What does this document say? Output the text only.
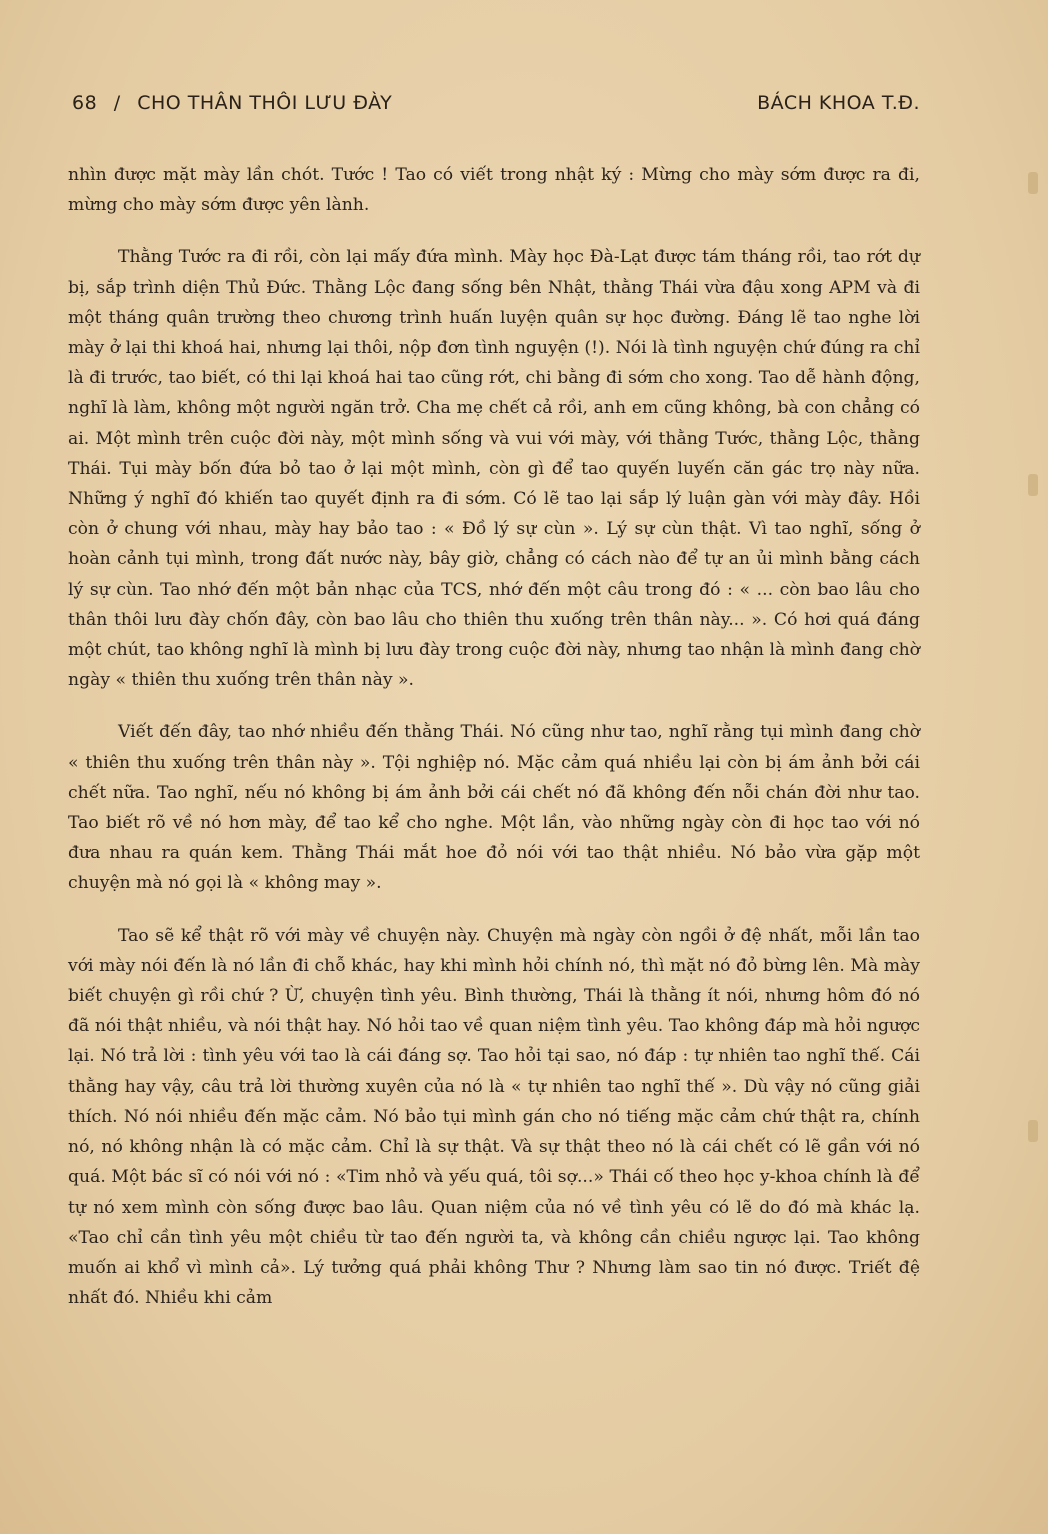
68 / CHO THÂN THÔI LƯU ĐÀY	BÁCH KHOA T.Đ.

nhìn được mặt mày lần chót. Tước ! Tao có viết trong nhật ký : Mừng cho mày sớm được ra đi, mừng cho mày sớm được yên lành.

Thằng Tước ra đi rồi, còn lại mấy đứa mình. Mày học Đà-Lạt được tám tháng rồi, tao rớt dự bị, sắp trình diện Thủ Đức. Thằng Lộc đang sống bên Nhật, thằng Thái vừa đậu xong APM và đi một tháng quân trường theo chương trình huấn luyện quân sự học đường. Đáng lẽ tao nghe lời mày ở lại thi khoá hai, nhưng lại thôi, nộp đơn tình nguyện (!). Nói là tình nguyện chứ đúng ra chỉ là đi trước, tao biết, có thi lại khoá hai tao cũng rớt, chi bằng đi sớm cho xong. Tao dễ hành động, nghĩ là làm, không một người ngăn trở. Cha mẹ chết cả rồi, anh em cũng không, bà con chẳng có ai. Một mình trên cuộc đời này, một mình sống và vui với mày, với thằng Tước, thằng Lộc, thằng Thái. Tụi mày bốn đứa bỏ tao ở lại một mình, còn gì để tao quyến luyến căn gác trọ này nữa. Những ý nghĩ đó khiến tao quyết định ra đi sớm. Có lẽ tao lại sắp lý luận gàn với mày đây. Hồi còn ở chung với nhau, mày hay bảo tao : « Đồ lý sự cùn ». Lý sự cùn thật. Vì tao nghĩ, sống ở hoàn cảnh tụi mình, trong đất nước này, bây giờ, chẳng có cách nào để tự an ủi mình bằng cách lý sự cùn. Tao nhớ đến một bản nhạc của TCS, nhớ đến một câu trong đó : « ... còn bao lâu cho thân thôi lưu đày chốn đây, còn bao lâu cho thiên thu xuống trên thân này... ». Có hơi quá đáng một chút, tao không nghĩ là mình bị lưu đày trong cuộc đời này, nhưng tao nhận là mình đang chờ ngày « thiên thu xuống trên thân này ».

Viết đến đây, tao nhớ nhiều đến thằng Thái. Nó cũng như tao, nghĩ rằng tụi mình đang chờ « thiên thu xuống trên thân này ». Tội nghiệp nó. Mặc cảm quá nhiều lại còn bị ám ảnh bởi cái chết nữa. Tao nghĩ, nếu nó không bị ám ảnh bởi cái chết nó đã không đến nỗi chán đời như tao. Tao biết rõ về nó hơn mày, để tao kể cho nghe. Một lần, vào những ngày còn đi học tao với nó đưa nhau ra quán kem. Thằng Thái mắt hoe đỏ nói với tao thật nhiều. Nó bảo vừa gặp một chuyện mà nó gọi là « không may ».

Tao sẽ kể thật rõ với mày về chuyện này. Chuyện mà ngày còn ngồi ở đệ nhất, mỗi lần tao với mày nói đến là nó lần đi chỗ khác, hay khi mình hỏi chính nó, thì mặt nó đỏ bừng lên. Mà mày biết chuyện gì rồi chứ ? Ừ, chuyện tình yêu. Bình thường, Thái là thằng ít nói, nhưng hôm đó nó đã nói thật nhiều, và nói thật hay. Nó hỏi tao về quan niệm tình yêu. Tao không đáp mà hỏi ngược lại. Nó trả lời : tình yêu với tao là cái đáng sợ. Tao hỏi tại sao, nó đáp : tự nhiên tao nghĩ thế. Cái thằng hay vậy, câu trả lời thường xuyên của nó là « tự nhiên tao nghĩ thế ». Dù vậy nó cũng giải thích. Nó nói nhiều đến mặc cảm. Nó bảo tụi mình gán cho nó tiếng mặc cảm chứ thật ra, chính nó, nó không nhận là có mặc cảm. Chỉ là sự thật. Và sự thật theo nó là cái chết có lẽ gần với nó quá. Một bác sĩ có nói với nó : «Tim nhỏ và yếu quá, tôi sợ...» Thái cố theo học y-khoa chính là để tự nó xem mình còn sống được bao lâu. Quan niệm của nó về tình yêu có lẽ do đó mà khác lạ. «Tao chỉ cần tình yêu một chiều từ tao đến người ta, và không cần chiều ngược lại. Tao không muốn ai khổ vì mình cả». Lý tưởng quá phải không Thư ? Nhưng làm sao tin nó được. Triết đệ nhất đó. Nhiều khi cảm
